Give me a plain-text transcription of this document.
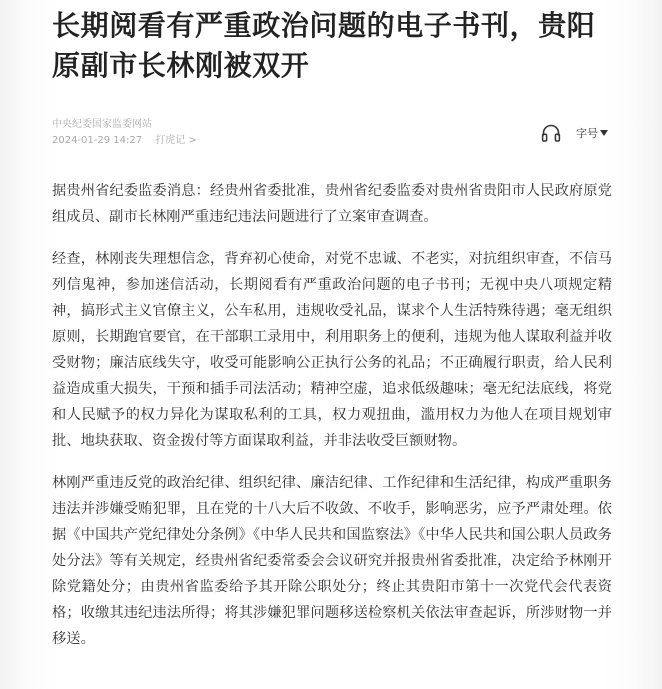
长期阅看有严重政治问题的电子书刊，贵阳原副市长林刚被双开
中央纪委国家监委网站
2024-01-29 14:27 打虎记 >
字号

据贵州省纪委监委消息：经贵州省委批准，贵州省纪委监委对贵州省贵阳市人民政府原党组成员、副市长林刚严重违纪违法问题进行了立案审查调查。

经查，林刚丧失理想信念，背弃初心使命，对党不忠诚、不老实，对抗组织审查，不信马列信鬼神，参加迷信活动，长期阅看有严重政治问题的电子书刊；无视中央八项规定精神，搞形式主义官僚主义，公车私用，违规收受礼品，谋求个人生活特殊待遇；毫无组织原则，长期跑官要官，在干部职工录用中，利用职务上的便利，违规为他人谋取利益并收受财物；廉洁底线失守，收受可能影响公正执行公务的礼品；不正确履行职责，给人民利益造成重大损失，干预和插手司法活动；精神空虚，追求低级趣味；毫无纪法底线，将党和人民赋予的权力异化为谋取私利的工具，权力观扭曲，滥用权力为他人在项目规划审批、地块获取、资金拨付等方面谋取利益，并非法收受巨额财物。

林刚严重违反党的政治纪律、组织纪律、廉洁纪律、工作纪律和生活纪律，构成严重职务违法并涉嫌受贿犯罪，且在党的十八大后不收敛、不收手，影响恶劣，应予严肃处理。依据《中国共产党纪律处分条例》《中华人民共和国监察法》《中华人民共和国公职人员政务处分法》等有关规定，经贵州省纪委常委会会议研究并报贵州省委批准，决定给予林刚开除党籍处分；由贵州省监委给予其开除公职处分；终止其贵阳市第十一次党代会代表资格；收缴其违纪违法所得；将其涉嫌犯罪问题移送检察机关依法审查起诉，所涉财物一并移送。
